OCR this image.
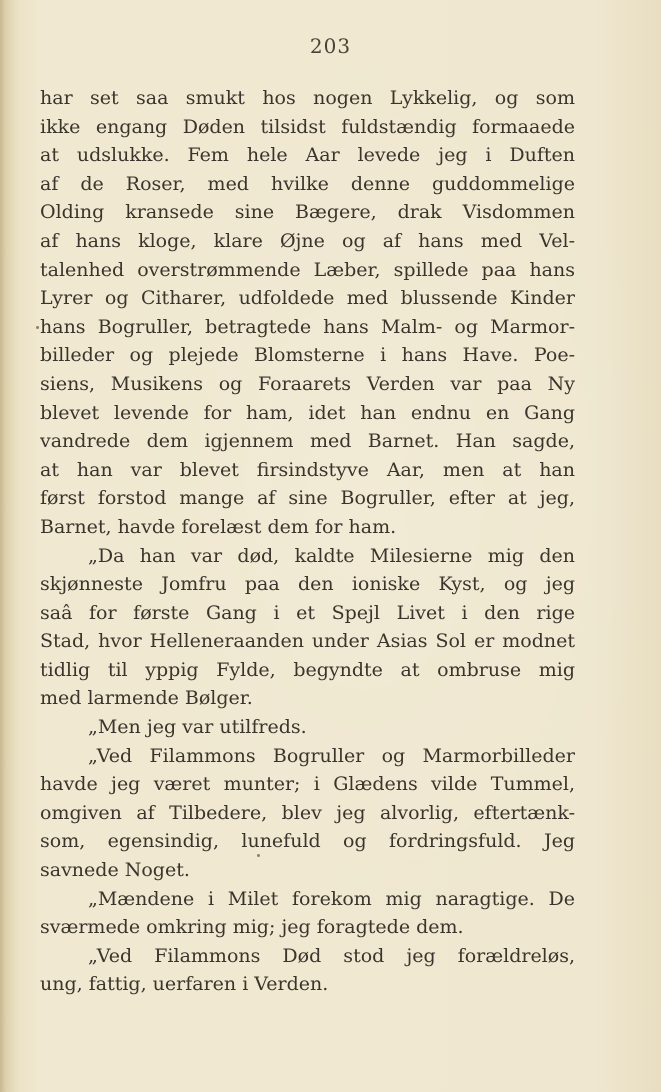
203
har set saa smukt hos nogen Lykkelig, og som
ikke engang Døden tilsidst fuldstændig formaaede
at udslukke. Fem hele Aar levede jeg i Duften
af de Roser, med hvilke denne guddommelige
Olding kransede sine Bægere, drak Visdommen
af hans kloge, klare Øjne og af hans med Vel-
talenhed overstrømmende Læber, spillede paa hans
Lyrer og Citharer, udfoldede med blussende Kinder
hans Bogruller, betragtede hans Malm- og Marmor-
billeder og plejede Blomsterne i hans Have. Poe-
siens, Musikens og Foraarets Verden var paa Ny
blevet levende for ham, idet han endnu en Gang
vandrede dem igjennem med Barnet. Han sagde,
at han var blevet firsindstyve Aar, men at han
først forstod mange af sine Bogruller, efter at jeg,
Barnet, havde forelæst dem for ham.
„Da han var død, kaldte Milesierne mig den
skjønneste Jomfru paa den ioniske Kyst, og jeg
saâ for første Gang i et Spejl Livet i den rige
Stad, hvor Helleneraanden under Asias Sol er modnet
tidlig til yppig Fylde, begyndte at ombruse mig
med larmende Bølger.
„Men jeg var utilfreds.
„Ved Filammons Bogruller og Marmorbilleder
havde jeg været munter; i Glædens vilde Tummel,
omgiven af Tilbedere, blev jeg alvorlig, eftertænk-
som, egensindig, lunefuld og fordringsfuld. Jeg
savnede Noget.
„Mændene i Milet forekom mig naragtige. De
sværmede omkring mig; jeg foragtede dem.
„Ved Filammons Død stod jeg forældreløs,
ung, fattig, uerfaren i Verden.
